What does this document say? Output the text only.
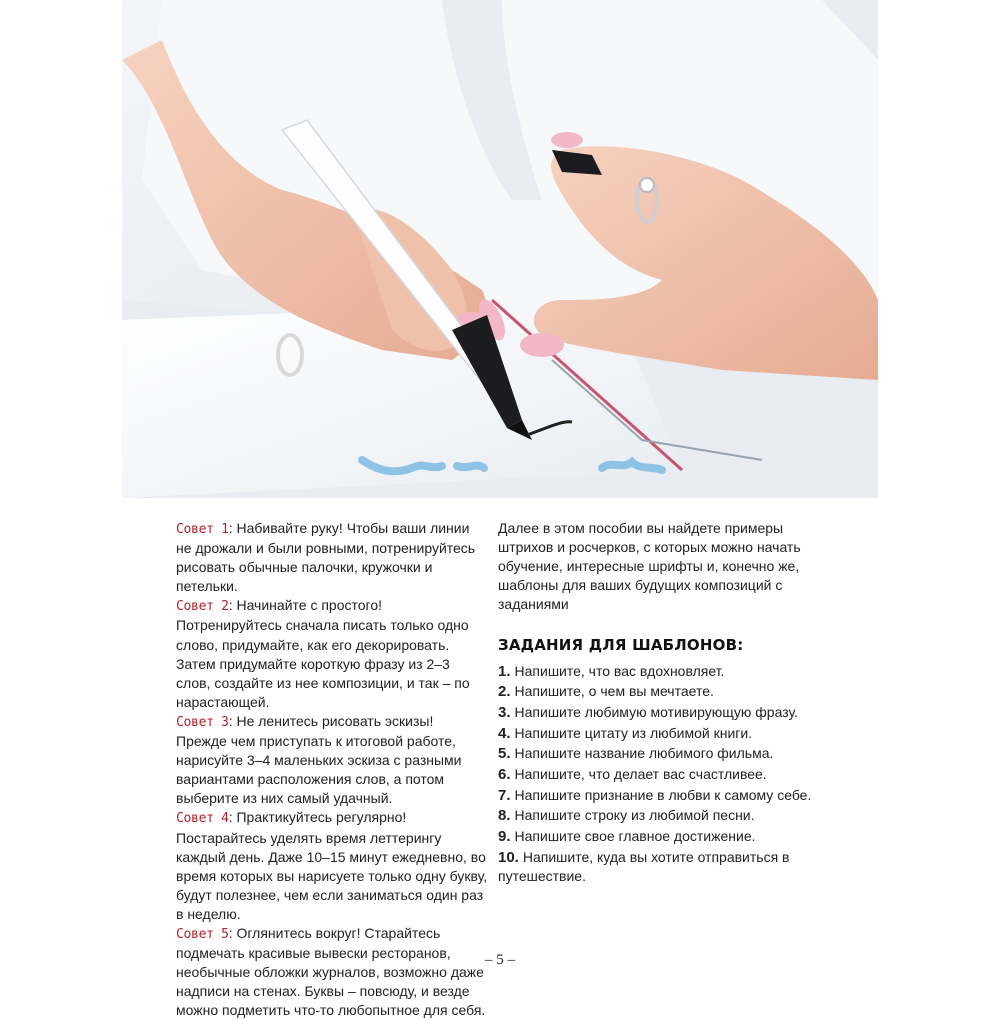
Совет 1: Набивайте руку! Чтобы ваши линии не дрожали и были ровными, потренируйтесь рисовать обычные палочки, кружочки и петельки.

Совет 2: Начинайте с простого! Потренируйтесь сначала писать только одно слово, придумайте, как его декорировать. Затем придумайте короткую фразу из 2–3 слов, создайте из нее композиции, и так – по нарастающей.

Совет 3: Не ленитесь рисовать эскизы! Прежде чем приступать к итоговой работе, нарисуйте 3–4 маленьких эскиза с разными вариантами расположения слов, а потом выберите из них самый удачный.

Совет 4: Практикуйтесь регулярно! Постарайтесь уделять время леттерингу каждый день. Даже 10–15 минут ежедневно, во время которых вы нарисуете только одну букву, будут полезнее, чем если заниматься один раз в неделю.

Совет 5: Оглянитесь вокруг! Старайтесь подмечать красивые вывески ресторанов, необычные обложки журналов, возможно даже надписи на стенах. Буквы – повсюду, и везде можно подметить что-то любопытное для себя.

Далее в этом пособии вы найдете примеры штрихов и росчерков, с которых можно начать обучение, интересные шрифты и, конечно же, шаблоны для ваших будущих композиций с заданиями

ЗАДАНИЯ ДЛЯ ШАБЛОНОВ:
1. Напишите, что вас вдохновляет.
2. Напишите, о чем вы мечтаете.
3. Напишите любимую мотивирующую фразу.
4. Напишите цитату из любимой книги.
5. Напишите название любимого фильма.
6. Напишите, что делает вас счастливее.
7. Напишите признание в любви к самому себе.
8. Напишите строку из любимой песни.
9. Напишите свое главное достижение.
10. Напишите, куда вы хотите отправиться в путешествие.
– 5 –
